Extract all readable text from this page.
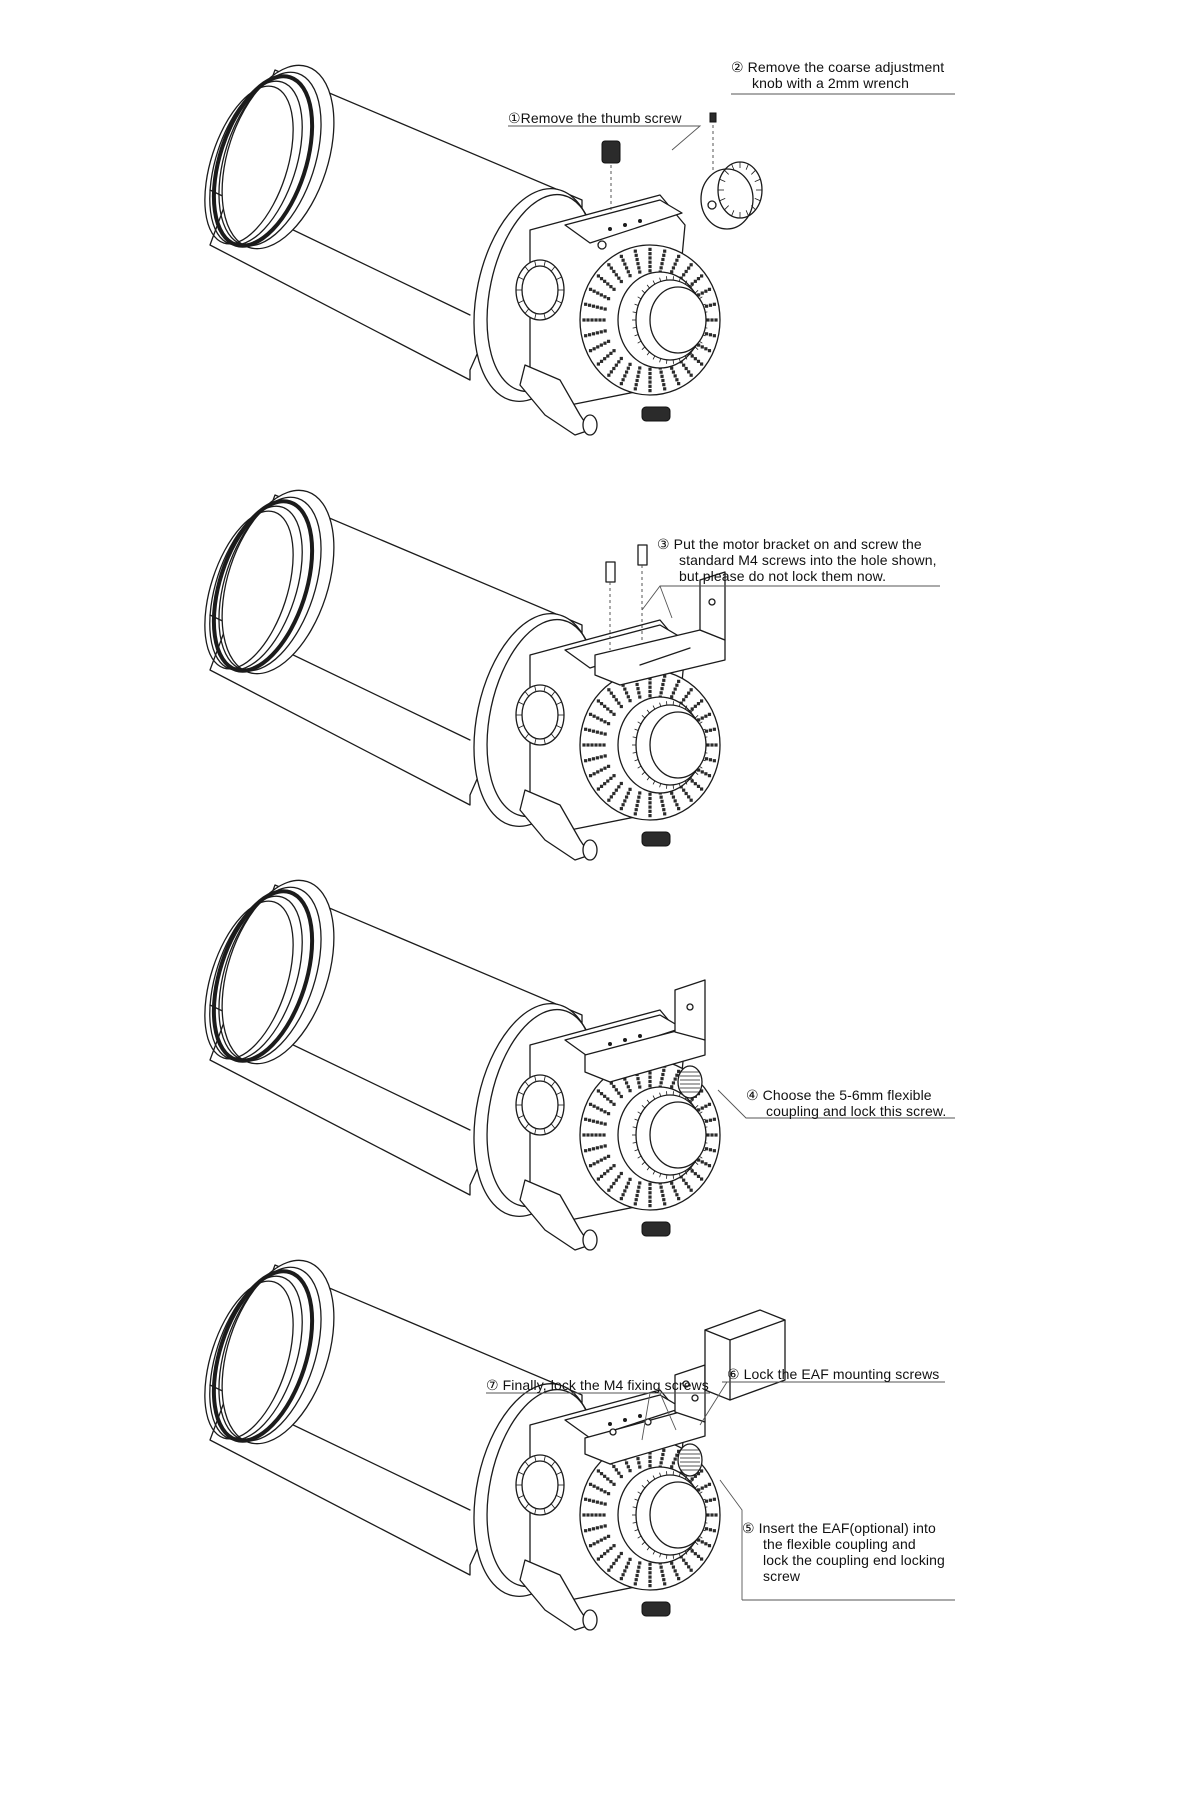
①Remove the thumb screw
② Remove the coarse adjustment
knob with a 2mm wrench
③ Put the motor bracket on and screw the
standard M4 screws into the hole shown,
but please do not lock them now.
④ Choose the 5-6mm flexible
coupling and lock this screw.
⑦ Finally, lock the M4 fixing screws
⑥ Lock the EAF mounting screws
⑤ Insert the EAF(optional) into
the flexible coupling and
lock the coupling end locking
screw
